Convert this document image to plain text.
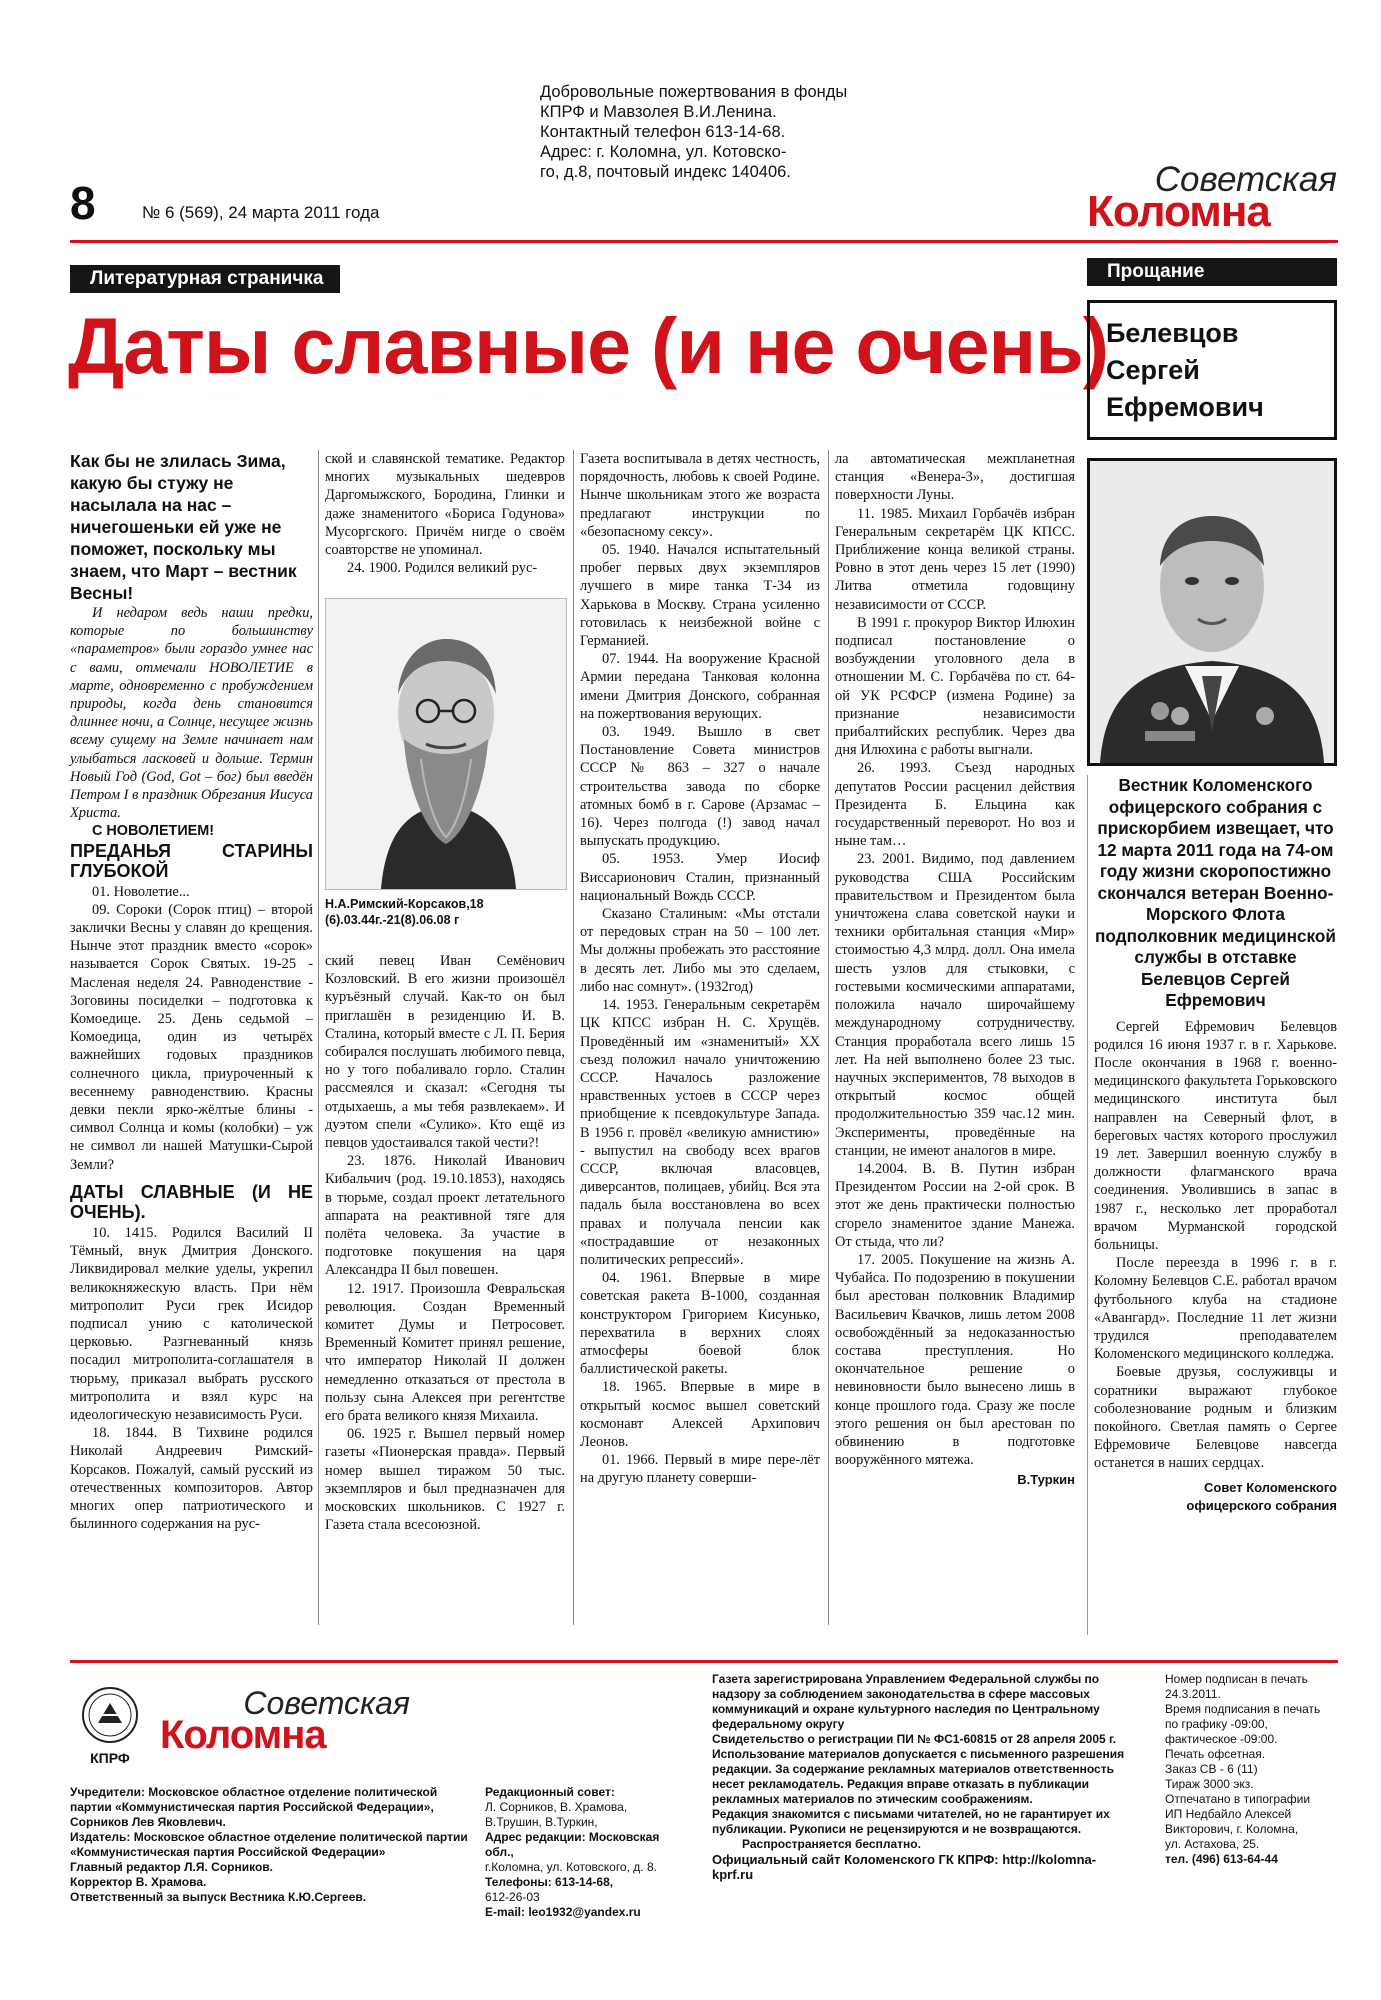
8	№ 6 (569), 24 марта 2011 года
Добровольные пожертвования в фонды
КПРФ и Мавзолея В.И.Ленина.
Контактный телефон 613-14-68.
Адрес: г. Коломна, ул. Котовско-
го, д.8, почтовый индекс 140406.	Советская
Коломна
Литературная страничка	Прощание
Даты славные (и не очень)
Как бы не злилась Зима, какую бы стужу не насылала на нас – ничегошеньки ей уже не поможет, поскольку мы знаем, что Март – вестник Весны!

И недаром ведь наши предки, которые по большинству «параметров» были гораздо умнее нас с вами, отмечали НОВОЛЕТИЕ в марте, одновременно с пробуждением природы, когда день становится длиннее ночи, а Солнце, несущее жизнь всему сущему на Земле начинает нам улыбаться ласковей и дольше. Термин Новый Год (God, Got – бог) был введён Петром I в праздник Обрезания Иисуса Христа.

С НОВОЛЕТИЕМ!

ПРЕДАНЬЯ СТАРИНЫ ГЛУБОКОЙ

01. Новолетие...

09. Сороки (Сорок птиц) – второй заклички Весны у славян до крещения. Нынче этот праздник вместо «сорок» называется Сорок Святых. 19-25 - Масленая неделя 24. Равноденствие - Зоговины посиделки – подготовка к Комоедице. 25. День седьмой – Комоедица, один из четырёх важнейших годовых праздников солнечного цикла, приуроченный к весеннему равноденствию. Красны девки пекли ярко-жёлтые блины - символ Солнца и комы (колобки) – уж не символ ли нашей Матушки-Сырой Земли?

ДАТЫ СЛАВНЫЕ (И НЕ ОЧЕНЬ).

10. 1415. Родился Василий II Тёмный, внук Дмитрия Донского. Ликвидировал мелкие уделы, укрепил великокняжескую власть. При нём митрополит Руси грек Исидор подписал унию с католической церковью. Разгневанный князь посадил митрополита-соглашателя в тюрьму, приказал выбрать русского митрополита и взял курс на идеологическую независимость Руси.

18. 1844. В Тихвине родился Николай Андреевич Римский-Корсаков. Пожалуй, самый русский из отечественных композиторов. Автор многих опер патриотического и былинного содержания на рус-

ской и славянской тематике. Редактор многих музыкальных шедевров Даргомыжского, Бородина, Глинки и даже знаменитого «Бориса Годунова» Мусоргского. Причём нигде о своём соавторстве не упоминал.

24. 1900. Родился великий рус-

Н.А.Римский-Корсаков,18 (6).03.44г.-21(8).06.08 г

ский певец Иван Семёнович Козловский. В его жизни произошёл куръёзный случай. Как-то он был приглашён в резиденцию И. В. Сталина, который вместе с Л. П. Берия собирался послушать любимого певца, но у того побаливало горло. Сталин рассмеялся и сказал: «Сегодня ты отдыхаешь, а мы тебя развлекаем». И дуэтом спели «Сулико». Кто ещё из певцов удостаивался такой чести?!

23. 1876. Николай Иванович Кибальчич (род. 19.10.1853), находясь в тюрьме, создал проект летательного аппарата на реактивной тяге для полёта человека. За участие в подготовке покушения на царя Александра II был повешен.

12. 1917. Произошла Февральская революция. Создан Временный комитет Думы и Петросовет. Временный Комитет принял решение, что император Николай II должен немедленно отказаться от престола в пользу сына Алексея при регентстве его брата великого князя Михаила.

06. 1925 г. Вышел первый номер газеты «Пионерская правда». Первый номер вышел тиражом 50 тыс. экземпляров и был предназначен для московских школьников. С 1927 г. Газета стала всесоюзной.

Газета воспитывала в детях честность, порядочность, любовь к своей Родине. Нынче школьникам этого же возраста предлагают инструкции по «безопасному сексу».

05. 1940. Начался испытательный пробег первых двух экземпляров лучшего в мире танка Т-34 из Харькова в Москву. Страна усиленно готовилась к неизбежной войне с Германией.

07. 1944. На вооружение Красной Армии передана Танковая колонна имени Дмитрия Донского, собранная на пожертвования верующих.

03. 1949. Вышло в свет Постановление Совета министров СССР № 863 – 327 о начале строительства завода по сборке атомных бомб в г. Сарове (Арзамас – 16). Через полгода (!) завод начал выпускать продукцию.

05. 1953. Умер Иосиф Виссарионович Сталин, признанный национальный Вождь СССР.

Сказано Сталиным: «Мы отстали от передовых стран на 50 – 100 лет. Мы должны пробежать это расстояние в десять лет. Либо мы это сделаем, либо нас сомнут». (1932год)

14. 1953. Генеральным секретарём ЦК КПСС избран Н. С. Хрущёв. Проведённый им «знаменитый» XX съезд положил начало уничтожению СССР. Началось разложение нравственных устоев в СССР через приобщение к псевдокультуре Запада. В 1956 г. провёл «великую амнистию» - выпустил на свободу всех врагов СССР, включая власовцев, диверсантов, полицаев, убийц. Вся эта падаль была восстановлена во всех правах и получала пенсии как «пострадавшие от незаконных политических репрессий».

04. 1961. Впервые в мире советская ракета В-1000, созданная конструктором Григорием Кисунько, перехватила в верхних слоях атмосферы боевой блок баллистической ракеты.

18. 1965. Впервые в мире в открытый космос вышел советский космонавт Алексей Архипович Леонов.

01. 1966. Первый в мире пере-лёт на другую планету соверши-

ла автоматическая межпланетная станция «Венера-3», достигшая поверхности Луны.

11. 1985. Михаил Горбачёв избран Генеральным секретарём ЦК КПСС. Приближение конца великой страны. Ровно в этот день через 15 лет (1990) Литва отметила годовщину независимости от СССР.

В 1991 г. прокурор Виктор Илюхин подписал постановление о возбуждении уголовного дела в отношении М. С. Горбачёва по ст. 64-ой УК РСФСР (измена Родине) за признание независимости прибалтийских республик. Через два дня Илюхина с работы выгнали.

26. 1993. Съезд народных депутатов России расценил действия Президента Б. Ельцина как государственный переворот. Но воз и ныне там…

23. 2001. Видимо, под давлением руководства США Российским правительством и Президентом была уничтожена слава советской науки и техники орбитальная станция «Мир» стоимостью 4,3 млрд. долл. Она имела шесть узлов для стыковки, с гостевыми космическими аппаратами, положила начало широчайшему международному сотрудничеству. Станция проработала всего лишь 15 лет. На ней выполнено более 23 тыс. научных экспериментов, 78 выходов в открытый космос общей продолжительностью 359 час.12 мин. Эксперименты, проведённые на станции, не имеют аналогов в мире.

14.2004. В. В. Путин избран Президентом России на 2-ой срок. В этот же день практически полностью сгорело знаменитое здание Манежа. От стыда, что ли?

17. 2005. Покушение на жизнь А. Чубайса. По подозрению в покушении был арестован полковник Владимир Васильевич Квачков, лишь летом 2008 освобождённый за недоказанностью состава преступления. Но окончательное решение о невиновности было вынесено лишь в конце прошлого года. Сразу же после этого решения он был арестован по обвинению в подготовке вооружённого мятежа.

В.Туркин
Белевцов
Сергей
Ефремович
Вестник Коломенского офицерского собрания с прискорбием извещает, что 12 марта 2011 года на 74-ом году жизни скоропостижно скончался ветеран Военно-Морского Флота подполковник медицинской службы в отставке Белевцов Сергей Ефремович

Сергей Ефремович Белевцов родился 16 июня 1937 г. в г. Харькове. После окончания в 1968 г. военно-медицинского факультета Горьковского медицинского института был направлен на Северный флот, в береговых частях которого прослужил 19 лет. Завершил военную службу в должности флагманского врача соединения. Уволившись в запас в 1987 г., несколько лет проработал врачом Мурманской городской больницы.

После переезда в 1996 г. в г. Коломну Белевцов С.Е. работал врачом футбольного клуба на стадионе «Авангард». Последние 11 лет жизни трудился преподавателем Коломенского медицинского колледжа.

Боевые друзья, сослуживцы и соратники выражают глубокое соболезнование родным и близким покойного. Светлая память о Сергее Ефремовиче Белевцове навсегда останется в наших сердцах.

Совет Коломенского офицерского собрания
КПРФ
Советская
Коломна
Учредители: Московское областное отделение политической
партии «Коммунистическая партия Российской Федерации»,
Сорников Лев Яковлевич.
Издатель: Московское областное отделение политической партии
«Коммунистическая партия Российской Федерации»
Главный редактор Л.Я. Сорников.
Корректор В. Храмова.
Ответственный за выпуск Вестника К.Ю.Сергеев.
Редакционный совет:
Л. Сорников, В. Храмова,
В.Трушин, В.Туркин,
Адрес редакции: Московская обл.,
г.Коломна, ул. Котовского, д. 8.
Телефоны: 613-14-68,
612-26-03
E-mail: leo1932@yandex.ru
Газета зарегистрирована Управлением Федеральной службы по
надзору за соблюдением законодательства в сфере массовых
коммуникаций и охране культурного наследия по Центральному
федеральному округу
Свидетельство о регистрации ПИ № ФС1-60815 от 28 апреля 2005 г.
Использование материалов допускается с письменного разрешения
редакции. За содержание рекламных материалов ответственность
несет рекламодатель. Редакция вправе отказать в публикации
рекламных материалов по этическим соображениям.
Редакция знакомится с письмами читателей, но не гарантирует их
публикации. Рукописи не рецензируются и не возвращаются.
Распространяется бесплатно.
Официальный сайт Коломенского ГК КПРФ: http://kolomna-kprf.ru
Номер подписан в печать
24.3.2011.
Время подписания в печать
по графику -09:00,
фактическое -09:00.
Печать офсетная.
Заказ СВ - 6 (11)
Тираж 3000 экз.
Отпечатано в типографии
ИП Недбайло Алексей
Викторович, г. Коломна,
ул. Астахова, 25.
тел. (496) 613-64-44
